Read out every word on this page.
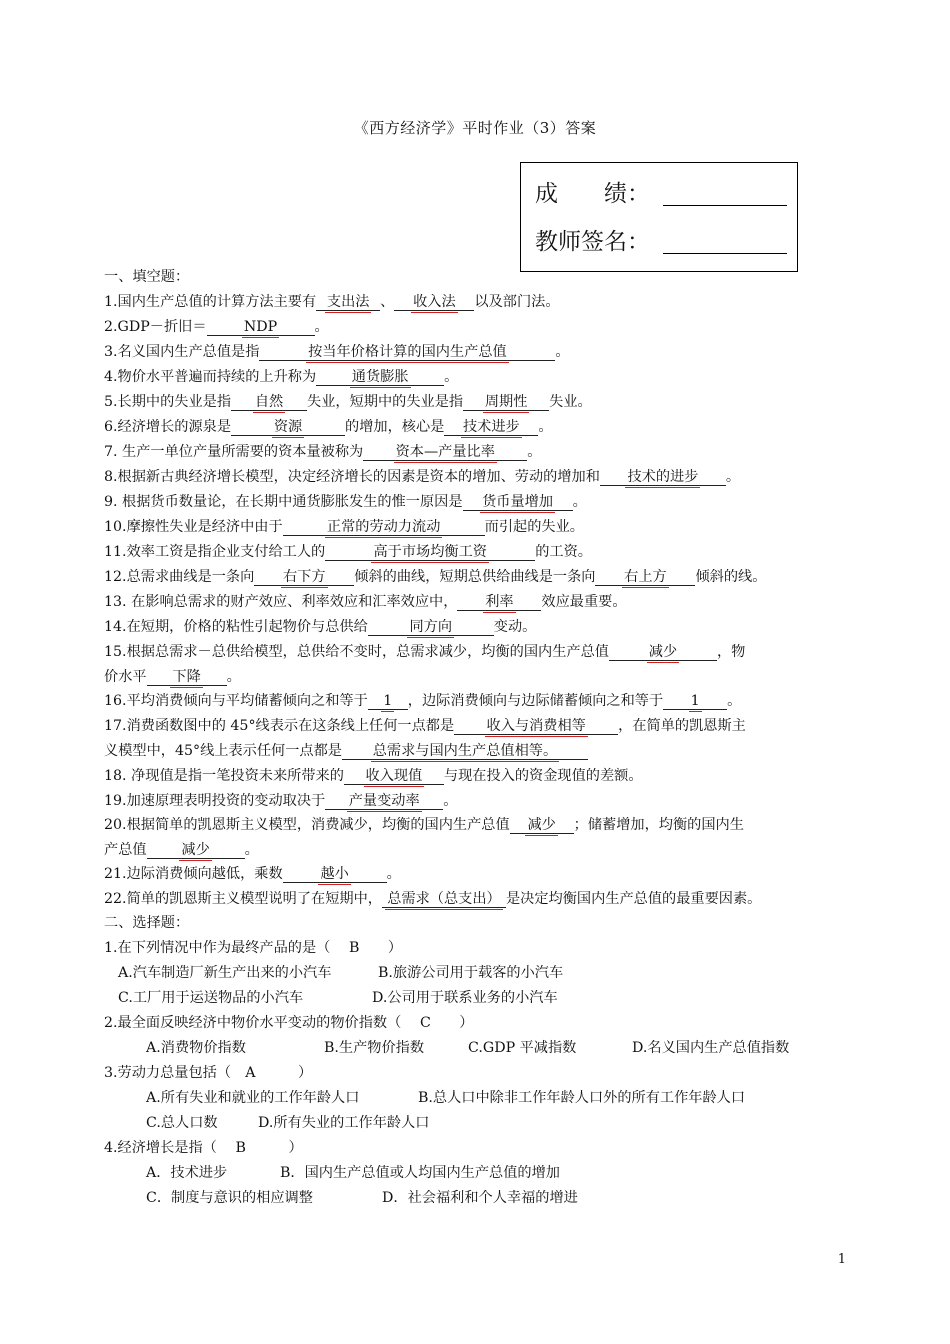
《西方经济学》平时作业（3）答案
成　　绩：
教师签名：
一、填空题：
1.国内生产总值的计算方法主要有 支出法 、 收入法 以及部门法。
2.GDP－折旧＝	NDP	。
3.名义国内生产总值是指	按当年价格计算的国内生产总值	。
4.物价水平普遍而持续的上升称为	通货膨胀	。
5.长期中的失业是指 自然 失业，短期中的失业是指 周期性 失业。
6.经济增长的源泉是	资源	的增加，核心是 技术进步 。
7. 生产一单位产量所需要的资本量被称为 资本—产量比率 。
8.根据新古典经济增长模型，决定经济增长的因素是资本的增加、劳动的增加和 技术的进步 。
9. 根据货币数量论，在长期中通货膨胀发生的惟一原因是 货币量增加 。
10.摩擦性失业是经济中由于	正常的劳动力流动	而引起的失业。
11.效率工资是指企业支付给工人的	高于市场均衡工资	的工资。
12.总需求曲线是一条向 右下方 倾斜的曲线，短期总供给曲线是一条向 右上方 倾斜的线。
13. 在影响总需求的财产效应、利率效应和汇率效应中， 利率 效应最重要。
14.在短期，价格的粘性引起物价与总供给	同方向	变动。
15.根据总需求－总供给模型，总供给不变时，总需求减少，均衡的国内生产总值	减少	，物
价水平 下降 。
16.平均消费倾向与平均储蓄倾向之和等于 1 ，边际消费倾向与边际储蓄倾向之和等于 1 。
17.消费函数图中的 45°线表示在这条线上任何一点都是 收入与消费相等 ，在简单的凯恩斯主
义模型中，45°线上表示任何一点都是 总需求与国内生产总值相等。
18. 净现值是指一笔投资未来所带来的 收入现值 与现在投入的资金现值的差额。
19.加速原理表明投资的变动取决于 产量变动率 。
20.根据简单的凯恩斯主义模型，消费减少，均衡的国内生产总值 减少 ；储蓄增加，均衡的国内生
产总值 减少 。
21.边际消费倾向越低，乘数	越小	。
22.简单的凯恩斯主义模型说明了在短期中， 总需求（总支出） 是决定均衡国内生产总值的最重要因素。
二、选择题：
1.在下列情况中作为最终产品的是（　 B　　）
A.汽车制造厂新生产出来的小汽车	B.旅游公司用于载客的小汽车
C.工厂用于运送物品的小汽车	D.公司用于联系业务的小汽车
2.最全面反映经济中物价水平变动的物价指数（　 C　　）
A.消费物价指数	B.生产物价指数	C.GDP 平减指数	D.名义国内生产总值指数
3.劳动力总量包括（　A　　　）
A.所有失业和就业的工作年龄人口	B.总人口中除非工作年龄人口外的所有工作年龄人口
C.总人口数	D.所有失业的工作年龄人口
4.经济增长是指（　 B　　　）
A．技术进步	B．国内生产总值或人均国内生产总值的增加
C．制度与意识的相应调整	D．社会福利和个人幸福的增进
1
